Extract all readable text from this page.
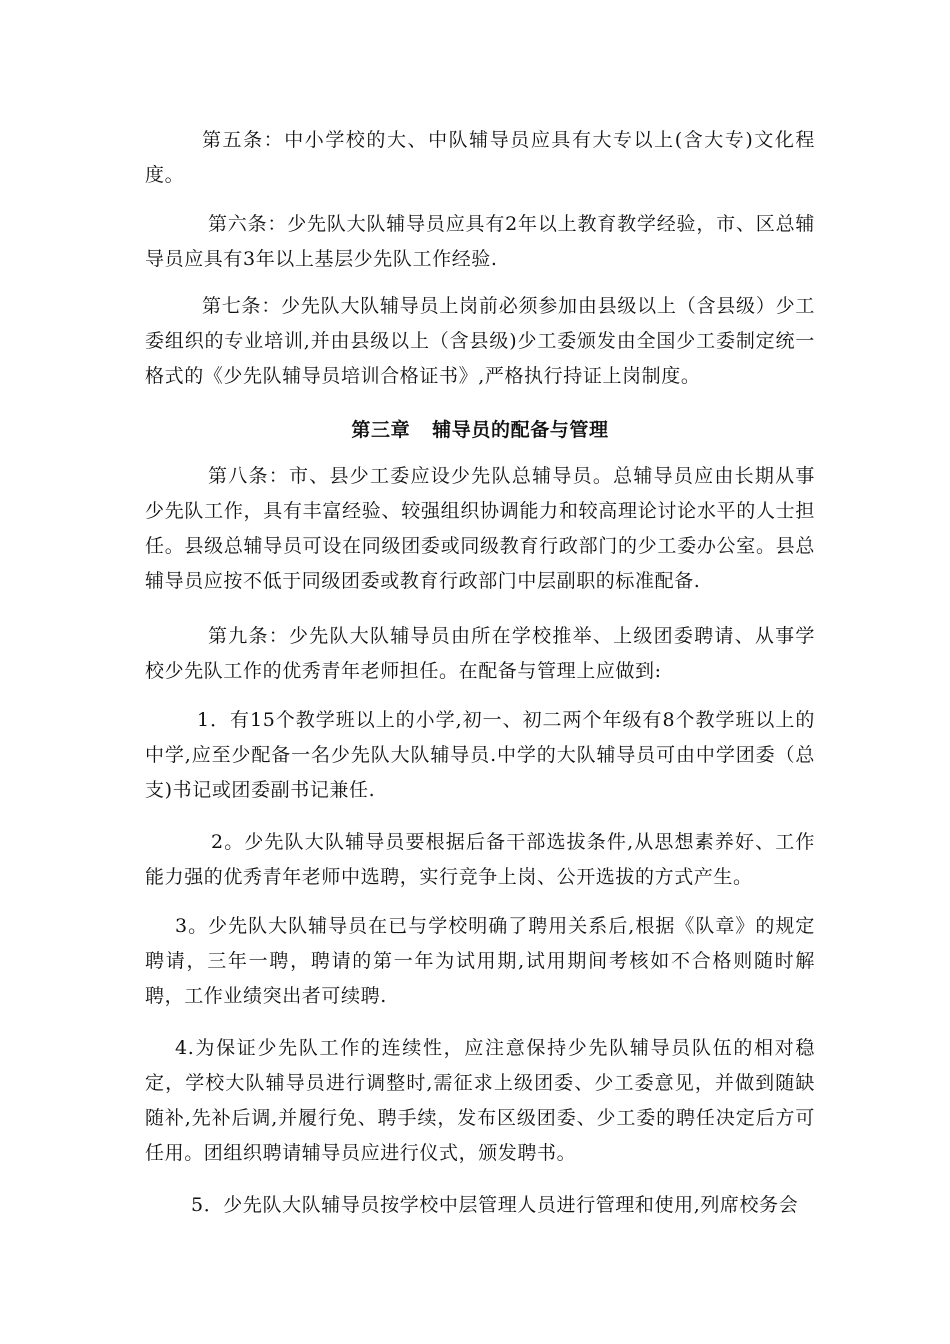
第五条：中小学校的大、中队辅导员应具有大专以上(含大专)文化程度。

第六条：少先队大队辅导员应具有2年以上教育教学经验，市、区总辅导员应具有3年以上基层少先队工作经验.

第七条：少先队大队辅导员上岗前必须参加由县级以上（含县级）少工委组织的专业培训,并由县级以上（含县级)少工委颁发由全国少工委制定统一格式的《少先队辅导员培训合格证书》,严格执行持证上岗制度。

第三章 辅导员的配备与管理

第八条：市、县少工委应设少先队总辅导员。总辅导员应由长期从事少先队工作，具有丰富经验、较强组织协调能力和较高理论讨论水平的人士担任。县级总辅导员可设在同级团委或同级教育行政部门的少工委办公室。县总辅导员应按不低于同级团委或教育行政部门中层副职的标准配备.

第九条：少先队大队辅导员由所在学校推举、上级团委聘请、从事学校少先队工作的优秀青年老师担任。在配备与管理上应做到:

1．有15个教学班以上的小学,初一、初二两个年级有8个教学班以上的中学,应至少配备一名少先队大队辅导员.中学的大队辅导员可由中学团委（总支)书记或团委副书记兼任.

2。少先队大队辅导员要根据后备干部选拔条件,从思想素养好、工作能力强的优秀青年老师中选聘，实行竞争上岗、公开选拔的方式产生。

3。少先队大队辅导员在已与学校明确了聘用关系后,根据《队章》的规定聘请，三年一聘，聘请的第一年为试用期,试用期间考核如不合格则随时解聘，工作业绩突出者可续聘.

4.为保证少先队工作的连续性，应注意保持少先队辅导员队伍的相对稳定，学校大队辅导员进行调整时,需征求上级团委、少工委意见，并做到随缺随补,先补后调,并履行免、聘手续，发布区级团委、少工委的聘任决定后方可任用。团组织聘请辅导员应进行仪式，颁发聘书。

5．少先队大队辅导员按学校中层管理人员进行管理和使用,列席校务会
